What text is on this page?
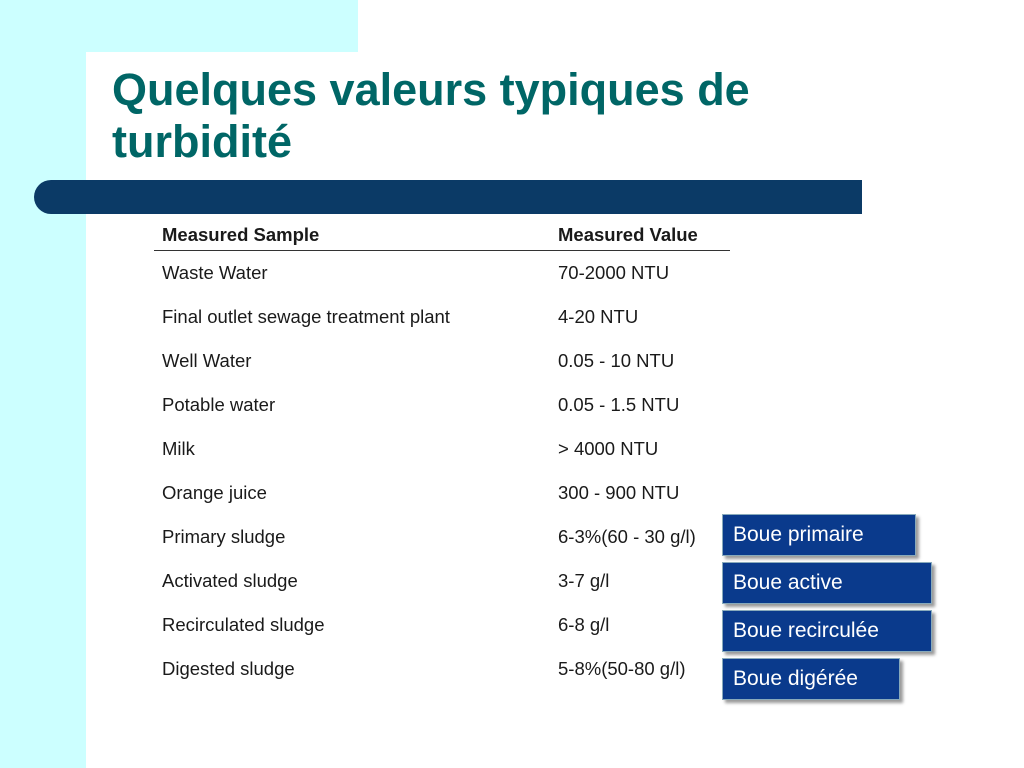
Quelques valeurs typiques de turbidité
Measured Sample	Measured Value
Waste Water	70-2000 NTU
Final outlet sewage treatment plant	4-20 NTU
Well Water	0.05 - 10 NTU
Potable water	0.05 - 1.5 NTU
Milk	> 4000 NTU
Orange juice	300 - 900 NTU
Primary sludge	6-3%(60 - 30 g/l)
Activated sludge	3-7 g/l
Recirculated sludge	6-8 g/l
Digested sludge	5-8%(50-80 g/l)
Boue primaire
Boue active
Boue recirculée
Boue digérée
